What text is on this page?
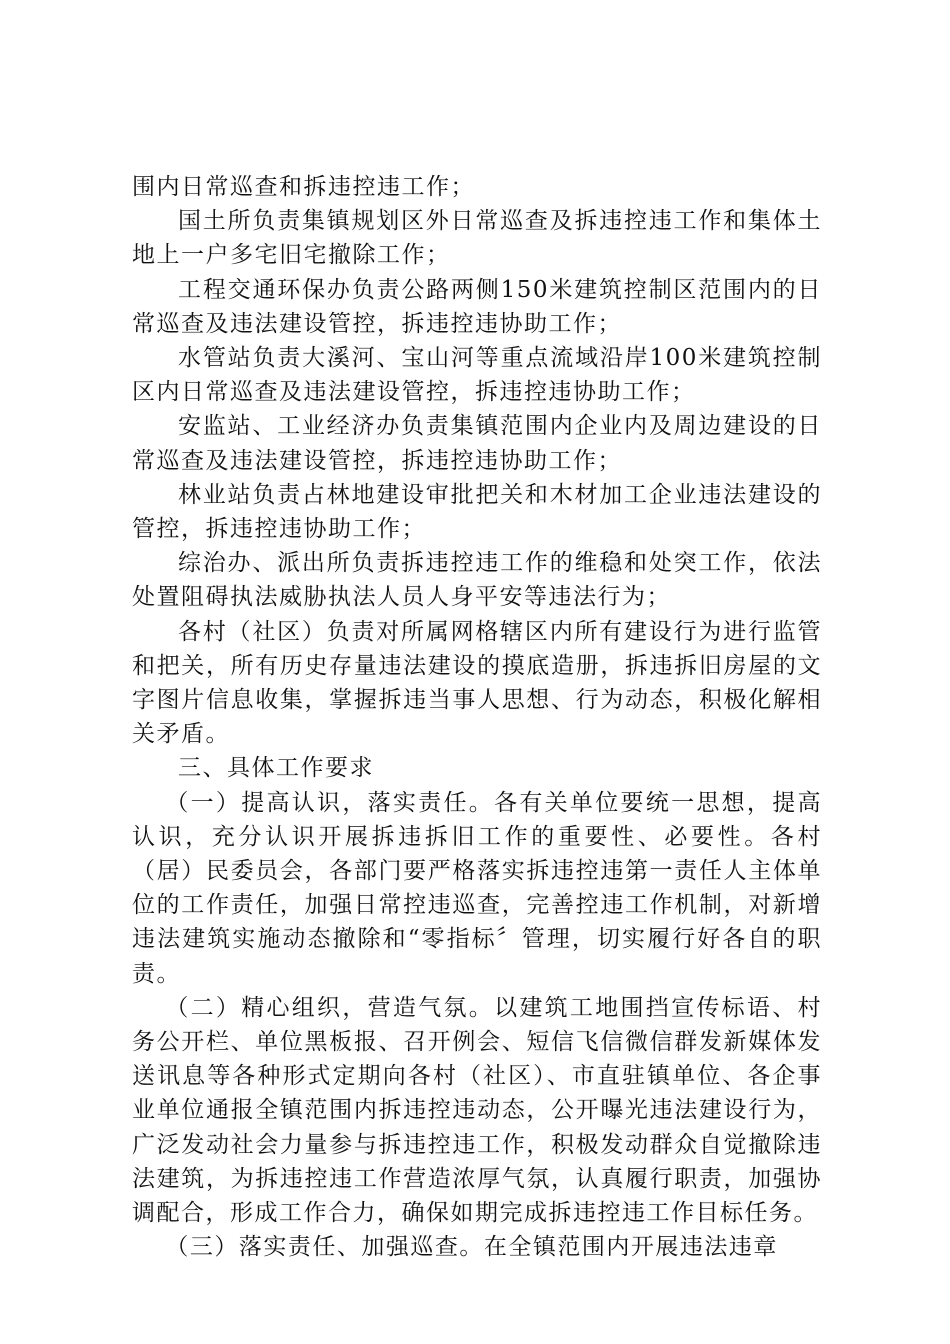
围内日常巡查和拆违控违工作；

国土所负责集镇规划区外日常巡查及拆违控违工作和集体土地上一户多宅旧宅撤除工作；

工程交通环保办负责公路两侧150米建筑控制区范围内的日常巡查及违法建设管控，拆违控违协助工作；

水管站负责大溪河、宝山河等重点流域沿岸100米建筑控制区内日常巡查及违法建设管控，拆违控违协助工作；

安监站、工业经济办负责集镇范围内企业内及周边建设的日常巡查及违法建设管控，拆违控违协助工作；

林业站负责占林地建设审批把关和木材加工企业违法建设的管控，拆违控违协助工作；

综治办、派出所负责拆违控违工作的维稳和处突工作，依法处置阻碍执法威胁执法人员人身平安等违法行为；

各村（社区）负责对所属网格辖区内所有建设行为进行监管和把关，所有历史存量违法建设的摸底造册，拆违拆旧房屋的文字图片信息收集，掌握拆违当事人思想、行为动态，积极化解相关矛盾。

三、具体工作要求

（一）提高认识，落实责任。各有关单位要统一思想，提高认识，充分认识开展拆违拆旧工作的重要性、必要性。各村（居）民委员会，各部门要严格落实拆违控违第一责任人主体单位的工作责任，加强日常控违巡查，完善控违工作机制，对新增违法建筑实施动态撤除和“零指标〞管理，切实履行好各自的职责。

（二）精心组织，营造气氛。以建筑工地围挡宣传标语、村务公开栏、单位黑板报、召开例会、短信飞信微信群发新媒体发送讯息等各种形式定期向各村（社区）、市直驻镇单位、各企事业单位通报全镇范围内拆违控违动态，公开曝光违法建设行为，广泛发动社会力量参与拆违控违工作，积极发动群众自觉撤除违法建筑，为拆违控违工作营造浓厚气氛，认真履行职责，加强协调配合，形成工作合力，确保如期完成拆违控违工作目标任务。

（三）落实责任、加强巡查。在全镇范围内开展违法违章
